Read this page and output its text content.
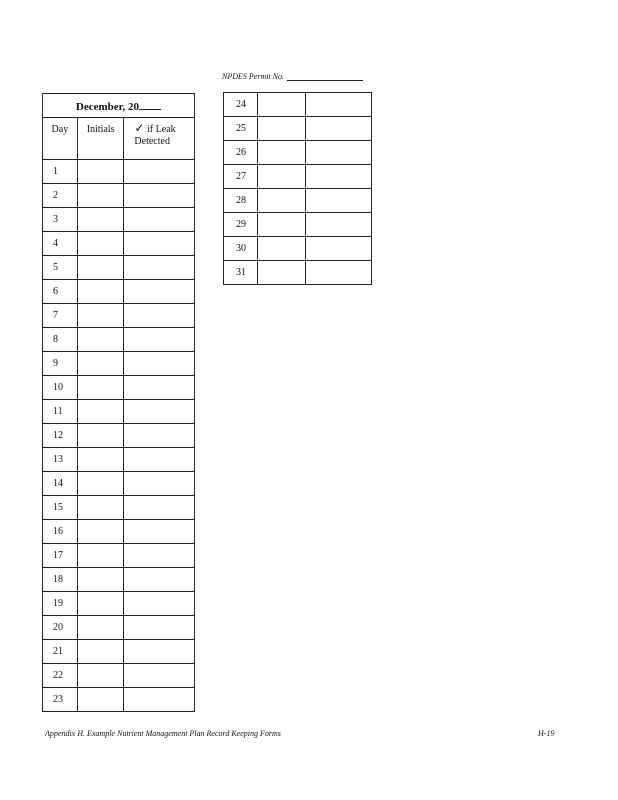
NPDES Permit No.
December, 20		
Day	Initials	✓ if Leak
Detected
1		
2		
3		
4		
5		
6		
7		
8		
9		
10		
11		
12		
13		
14		
15		
16		
17		
18		
19		
20		
21		
22		
23		
24		
25		
26		
27		
28		
29		
30		
31		
Appendix H. Example Nutrient Management Plan Record Keeping Forms	H-19
